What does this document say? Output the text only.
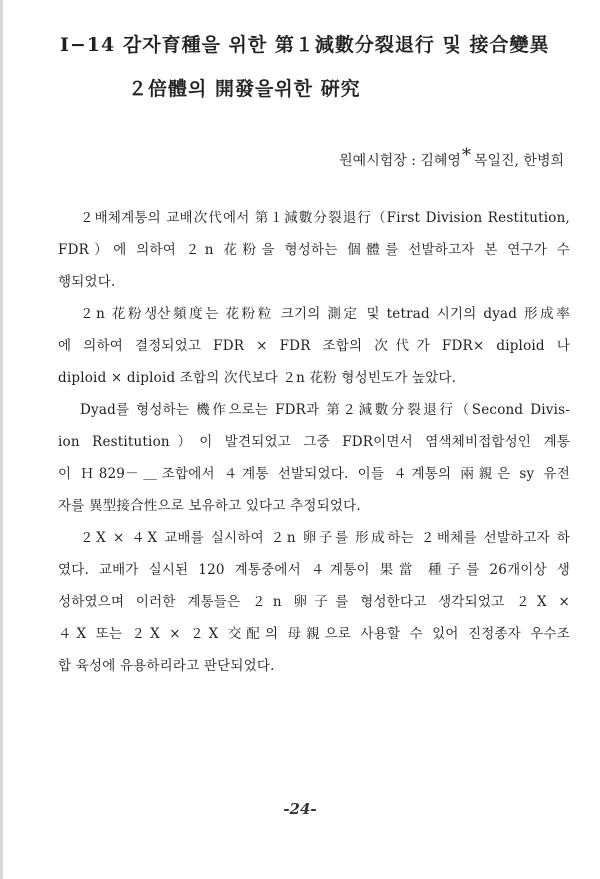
Ⅰ−14 감자育種을 위한 第１減數分裂退行 및 接合變異
２倍體의 開發을위한 硏究
원예시험장 : 김혜영* 목일진, 한병희
２배체계통의 교배次代에서 第１減數分裂退行（First Division Restitution,
FDR）에 의하여 ２n 花粉을 형성하는 個體를 선발하고자 본 연구가 수
행되었다.
２n 花粉생산頻度는 花粉粒 크기의 測定 및 tetrad 시기의 dyad 形成率
에 의하여 결정되었고 FDR × FDR 조합의 次代가 FDR× diploid 나
diploid × diploid 조합의 次代보다 ２n 花粉 형성빈도가 높았다.
Dyad를 형성하는 機作으로는 FDR과 第２減數分裂退行（Second Divis-
ion Restitution）이 발견되었고 그중 FDR이면서 염색체비접합성인 계통
이 Ｈ829－＿조합에서 ４계통 선발되었다. 이들 ４계통의 兩親은 sy 유전
자를 異型接合性으로 보유하고 있다고 추정되었다.
２X × ４X 교배를 실시하여 ２n 卵子를 形成하는 ２배체를 선발하고자 하
였다. 교배가 실시된 120 계통중에서 ４계통이 果當 種子를 26개이상 생
성하였으며 이러한 계통들은 ２n 卵子를 형성한다고 생각되었고 ２X ×
４X 또는 ２X × ２X 交配의 母親으로 사용할 수 있어 진정종자 우수조
합 육성에 유용하리라고 판단되었다.
-24-
